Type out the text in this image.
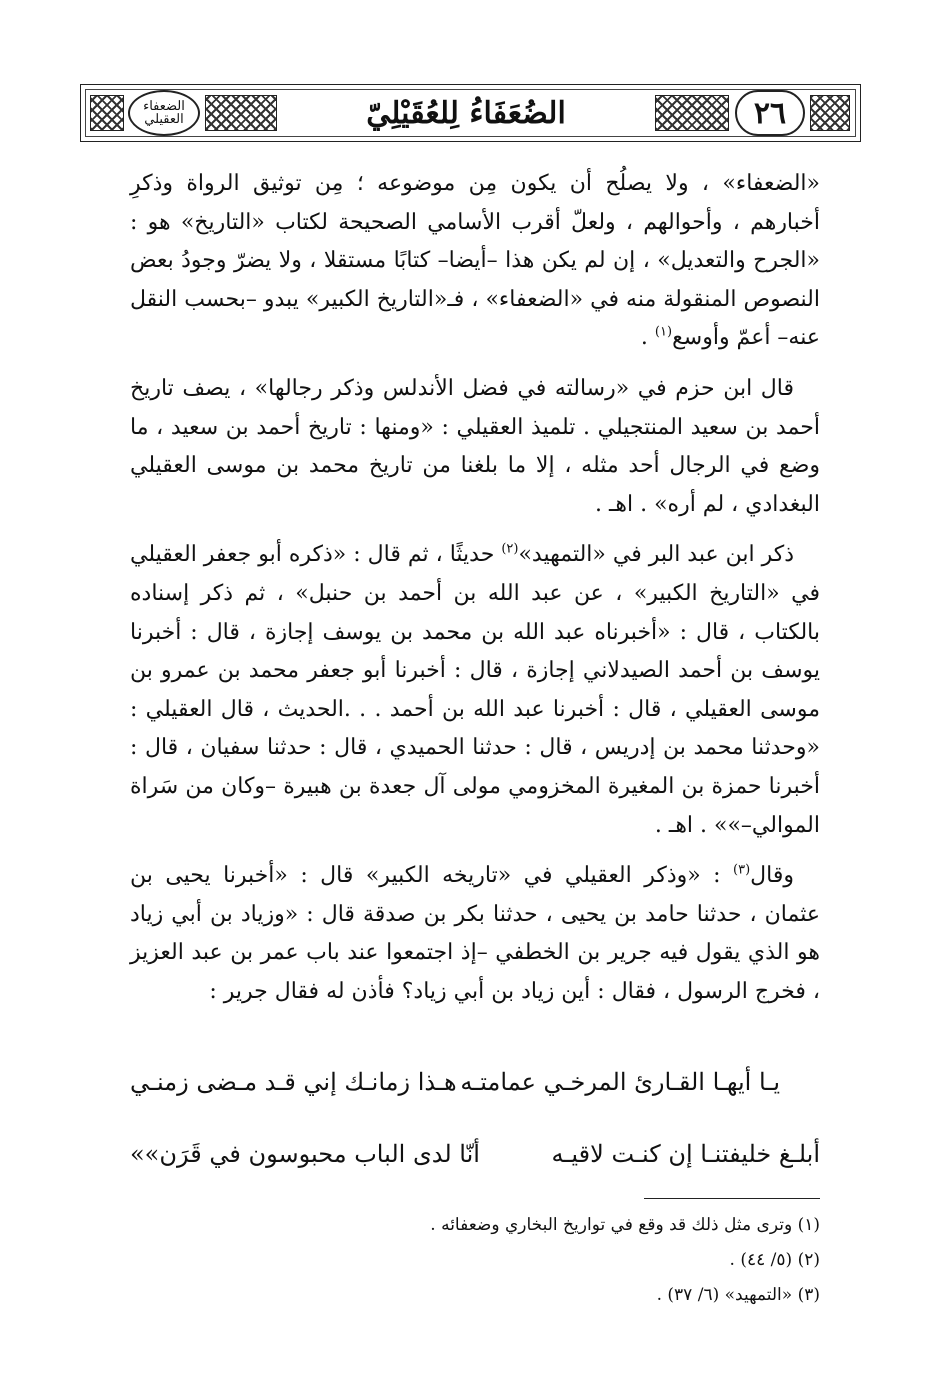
الضعفاء العقيلي	الضُعَفَاءُ لِلعُقَيْلِيّ	٢٦

«الضعفاء» ، ولا يصلُح أن يكون مِن موضوعه ؛ مِن توثيق الرواة وذكرِ أخبارهم ، وأحوالهم ، ولعلّ أقرب الأسامي الصحيحة لكتاب «التاريخ» هو : «الجرح والتعديل» ، إن لم يكن هذا –أيضا– كتابًا مستقلا ، ولا يضرّ وجودُ بعض النصوص المنقولة منه في «الضعفاء» ، فـ«التاريخ الكبير» يبدو –بحسب النقل عنه– أعمّ وأوسع$^{(١)}$ .

قال ابن حزم في «رسالته في فضل الأندلس وذكر رجالها» ، يصف تاريخ أحمد بن سعيد المنتجيلي . تلميذ العقيلي : «ومنها : تاريخ أحمد بن سعيد ، ما وضع في الرجال أحد مثله ، إلا ما بلغنا من تاريخ محمد بن موسى العقيلي البغدادي ، لم أره» . اهـ .

ذكر ابن عبد البر في «التمهيد»$^{(٢)}$ حديثًا ، ثم قال : «ذكره أبو جعفر العقيلي في «التاريخ الكبير» ، عن عبد الله بن أحمد بن حنبل» ، ثم ذكر إسناده بالكتاب ، قال : «أخبرناه عبد الله بن محمد بن يوسف إجازة ، قال : أخبرنا يوسف بن أحمد الصيدلاني إجازة ، قال : أخبرنا أبو جعفر محمد بن عمرو بن موسى العقيلي ، قال : أخبرنا عبد الله بن أحمد . . .الحديث ، قال العقيلي : «وحدثنا محمد بن إدريس ، قال : حدثنا الحميدي ، قال : حدثنا سفيان ، قال : أخبرنا حمزة بن المغيرة المخزومي مولى آل جعدة بن هبيرة –وكان من سَراة الموالي–»» . اهـ .

وقال$^{(٣)}$ : «وذكر العقيلي في «تاريخه الكبير» قال : «أخبرنا يحيى بن عثمان ، حدثنا حامد بن يحيى ، حدثنا بكر بن صدقة قال : «وزياد بن أبي زياد هو الذي يقول فيه جرير بن الخطفي –إذ اجتمعوا عند باب عمر بن عبد العزيز ، فخرج الرسول ، فقال : أين زياد بن أبي زياد؟ فأذن له فقال جرير :

يـا أيهـا القـارئ المرخـي عمامتـه
هـذا زمانـك إني قـد مـضى زمنـي
أبلـغ خليفتنـا إن كنـت لاقيـه
أنّا لدى الباب محبوسون في قَرَن»»

(١) وترى مثل ذلك قد وقع في تواريخ البخاري وضعفائه .

(٢) (٥/ ٤٤) .

(٣) «التمهيد» (٦/ ٣٧) .
